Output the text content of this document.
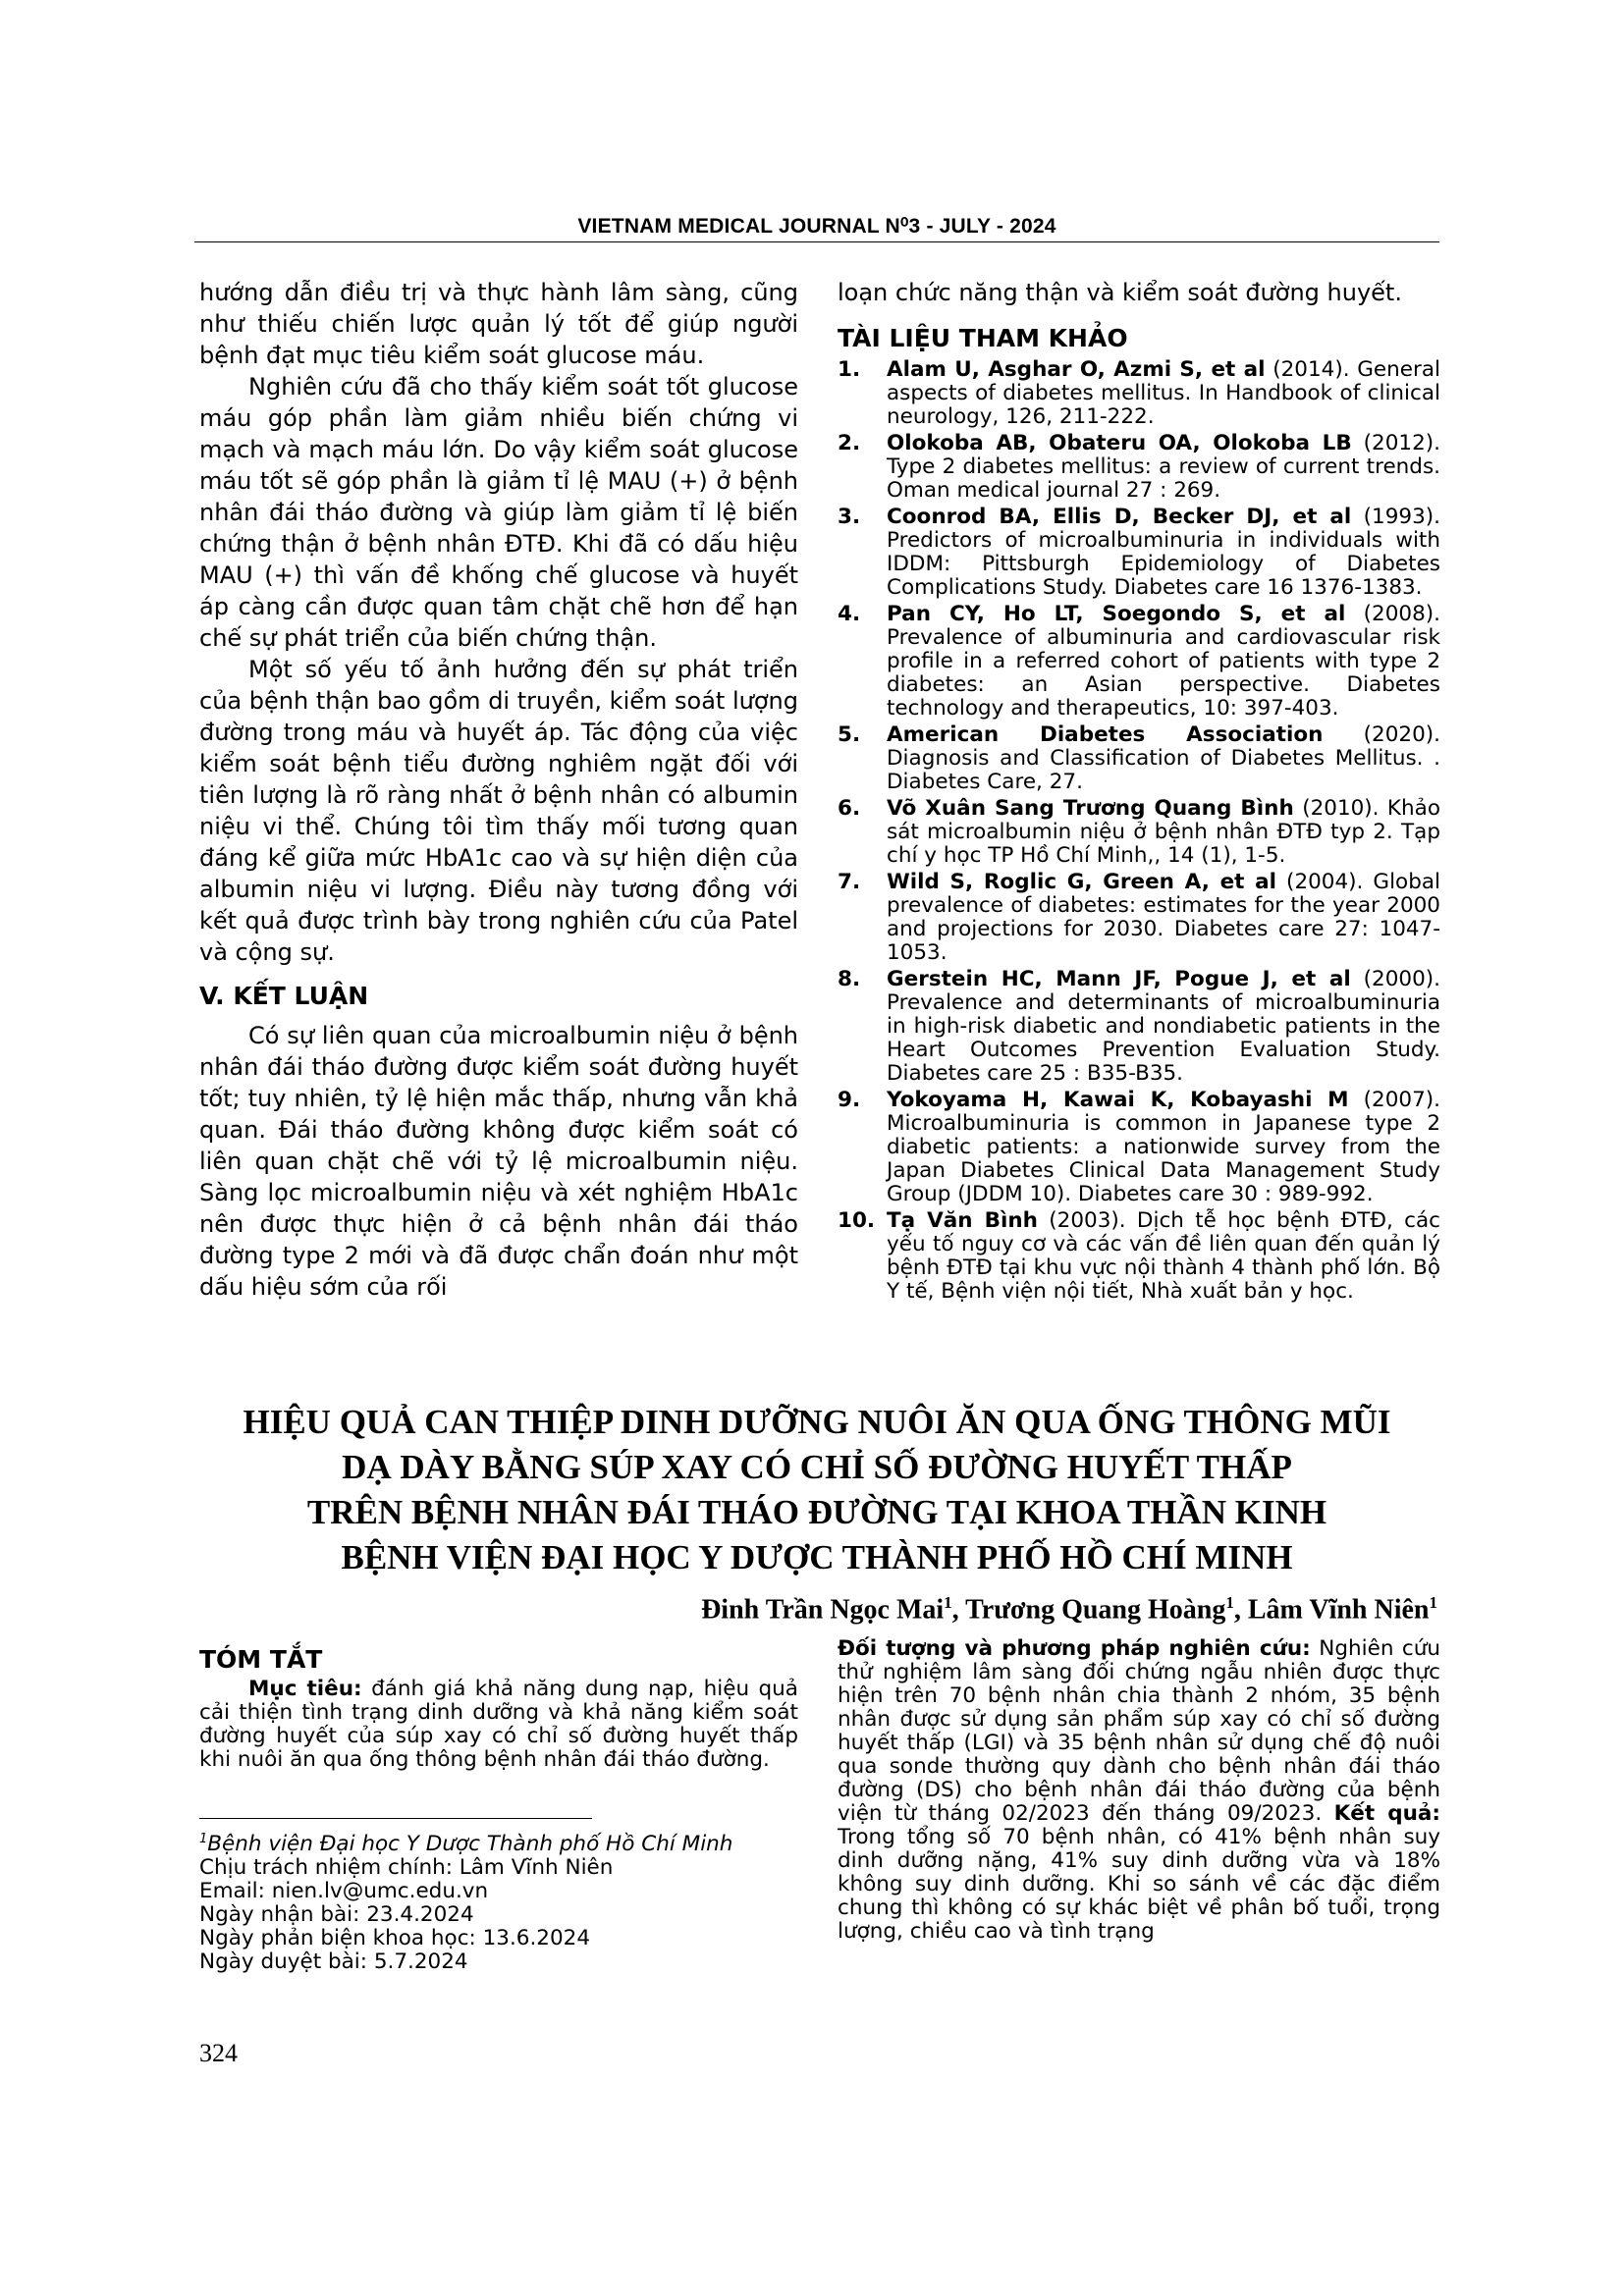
VIETNAM MEDICAL JOURNAL N⁰3 - JULY - 2024

hướng dẫn điều trị và thực hành lâm sàng, cũng như thiếu chiến lược quản lý tốt để giúp người bệnh đạt mục tiêu kiểm soát glucose máu.

Nghiên cứu đã cho thấy kiểm soát tốt glucose máu góp phần làm giảm nhiều biến chứng vi mạch và mạch máu lớn. Do vậy kiểm soát glucose máu tốt sẽ góp phần là giảm tỉ lệ MAU (+) ở bệnh nhân đái tháo đường và giúp làm giảm tỉ lệ biến chứng thận ở bệnh nhân ĐTĐ. Khi đã có dấu hiệu MAU (+) thì vấn đề khống chế glucose và huyết áp càng cần được quan tâm chặt chẽ hơn để hạn chế sự phát triển của biến chứng thận.

Một số yếu tố ảnh hưởng đến sự phát triển của bệnh thận bao gồm di truyền, kiểm soát lượng đường trong máu và huyết áp. Tác động của việc kiểm soát bệnh tiểu đường nghiêm ngặt đối với tiên lượng là rõ ràng nhất ở bệnh nhân có albumin niệu vi thể. Chúng tôi tìm thấy mối tương quan đáng kể giữa mức HbA1c cao và sự hiện diện của albumin niệu vi lượng. Điều này tương đồng với kết quả được trình bày trong nghiên cứu của Patel và cộng sự.

V. KẾT LUẬN

Có sự liên quan của microalbumin niệu ở bệnh nhân đái tháo đường được kiểm soát đường huyết tốt; tuy nhiên, tỷ lệ hiện mắc thấp, nhưng vẫn khả quan. Đái tháo đường không được kiểm soát có liên quan chặt chẽ với tỷ lệ microalbumin niệu. Sàng lọc microalbumin niệu và xét nghiệm HbA1c nên được thực hiện ở cả bệnh nhân đái tháo đường type 2 mới và đã được chẩn đoán như một dấu hiệu sớm của rối

loạn chức năng thận và kiểm soát đường huyết.

TÀI LIỆU THAM KHẢO
1. Alam U, Asghar O, Azmi S, et al (2014). General aspects of diabetes mellitus. In Handbook of clinical neurology, 126, 211-222.
2. Olokoba AB, Obateru OA, Olokoba LB (2012). Type 2 diabetes mellitus: a review of current trends. Oman medical journal 27 : 269.
3. Coonrod BA, Ellis D, Becker DJ, et al (1993). Predictors of microalbuminuria in individuals with IDDM: Pittsburgh Epidemiology of Diabetes Complications Study. Diabetes care 16 1376-1383.
4. Pan CY, Ho LT, Soegondo S, et al (2008). Prevalence of albuminuria and cardiovascular risk profile in a referred cohort of patients with type 2 diabetes: an Asian perspective. Diabetes technology and therapeutics, 10: 397-403.
5. American Diabetes Association (2020). Diagnosis and Classification of Diabetes Mellitus. . Diabetes Care, 27.
6. Võ Xuân Sang Trương Quang Bình (2010). Khảo sát microalbumin niệu ở bệnh nhân ĐTĐ typ 2. Tạp chí y học TP Hồ Chí Minh,, 14 (1), 1-5.
7. Wild S, Roglic G, Green A, et al (2004). Global prevalence of diabetes: estimates for the year 2000 and projections for 2030. Diabetes care 27: 1047-1053.
8. Gerstein HC, Mann JF, Pogue J, et al (2000). Prevalence and determinants of microalbuminuria in high-risk diabetic and nondiabetic patients in the Heart Outcomes Prevention Evaluation Study. Diabetes care 25 : B35-B35.
9. Yokoyama H, Kawai K, Kobayashi M (2007). Microalbuminuria is common in Japanese type 2 diabetic patients: a nationwide survey from the Japan Diabetes Clinical Data Management Study Group (JDDM 10). Diabetes care 30 : 989-992.
10. Tạ Văn Bình (2003). Dịch tễ học bệnh ĐTĐ, các yếu tố nguy cơ và các vấn đề liên quan đến quản lý bệnh ĐTĐ tại khu vực nội thành 4 thành phố lớn. Bộ Y tế, Bệnh viện nội tiết, Nhà xuất bản y học.
HIỆU QUẢ CAN THIỆP DINH DƯỠNG NUÔI ĂN QUA ỐNG THÔNG MŨI
DẠ DÀY BẰNG SÚP XAY CÓ CHỈ SỐ ĐƯỜNG HUYẾT THẤP
TRÊN BỆNH NHÂN ĐÁI THÁO ĐƯỜNG TẠI KHOA THẦN KINH
BỆNH VIỆN ĐẠI HỌC Y DƯỢC THÀNH PHỐ HỒ CHÍ MINH
Đinh Trần Ngọc Mai$^1$, Trương Quang Hoàng$^1$, Lâm Vĩnh Niên$^1$
TÓM TẮT

Mục tiêu: đánh giá khả năng dung nạp, hiệu quả cải thiện tình trạng dinh dưỡng và khả năng kiểm soát đường huyết của súp xay có chỉ số đường huyết thấp khi nuôi ăn qua ống thông bệnh nhân đái tháo đường.

Đối tượng và phương pháp nghiên cứu: Nghiên cứu thử nghiệm lâm sàng đối chứng ngẫu nhiên được thực hiện trên 70 bệnh nhân chia thành 2 nhóm, 35 bệnh nhân được sử dụng sản phẩm súp xay có chỉ số đường huyết thấp (LGI) và 35 bệnh nhân sử dụng chế độ nuôi qua sonde thường quy dành cho bệnh nhân đái tháo đường (DS) cho bệnh nhân đái tháo đường của bệnh viện từ tháng 02/2023 đến tháng 09/2023. Kết quả: Trong tổng số 70 bệnh nhân, có 41% bệnh nhân suy dinh dưỡng nặng, 41% suy dinh dưỡng vừa và 18% không suy dinh dưỡng. Khi so sánh về các đặc điểm chung thì không có sự khác biệt về phân bố tuổi, trọng lượng, chiều cao và tình trạng

$^1$Bệnh viện Đại học Y Dược Thành phố Hồ Chí Minh

Chịu trách nhiệm chính: Lâm Vĩnh Niên

Email: nien.lv@umc.edu.vn

Ngày nhận bài: 23.4.2024

Ngày phản biện khoa học: 13.6.2024

Ngày duyệt bài: 5.7.2024

324
